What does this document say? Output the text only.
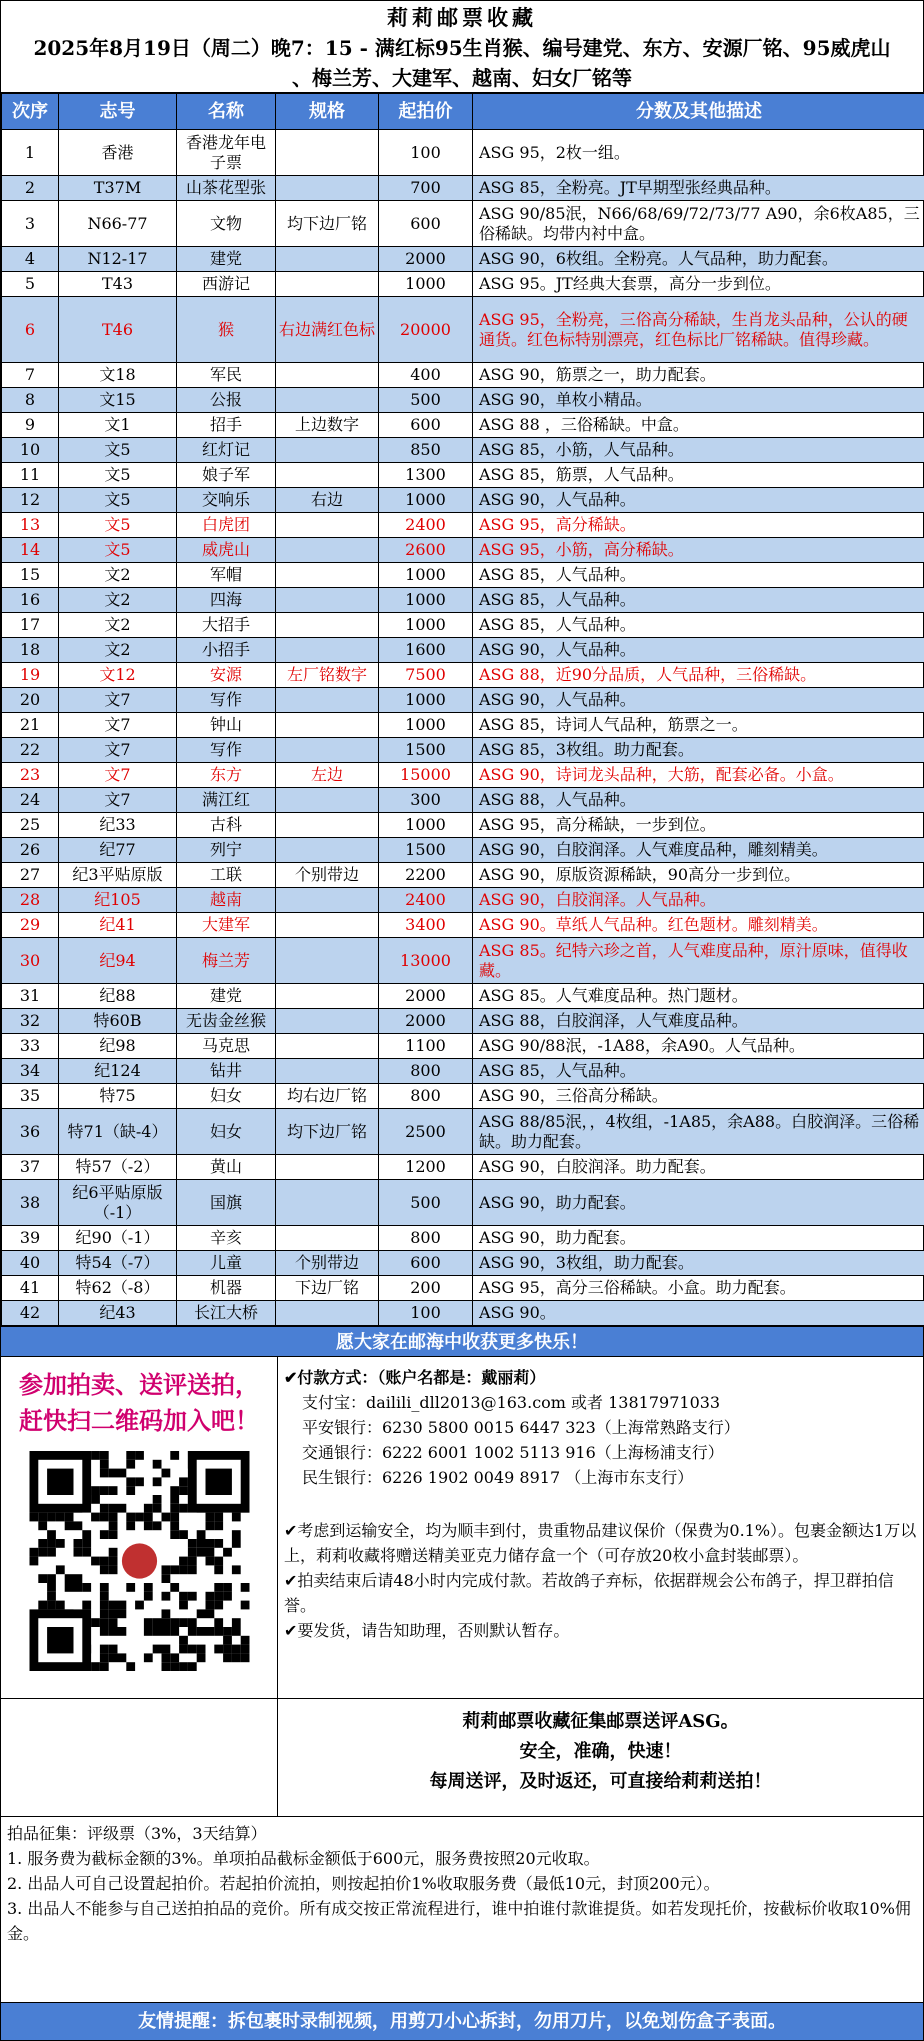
莉莉邮票收藏
2025年8月19日（周二）晚7：15 - 满红标95生肖猴、编号建党、东方、安源厂铭、95威虎山
、梅兰芳、大建军、越南、妇女厂铭等
次序	志号	名称	规格	起拍价	分数及其他描述
1	香港	香港龙年电子票		100	ASG 95，2枚一组。
2	T37M	山茶花型张		700	ASG 85，全粉亮。JT早期型张经典品种。
3	N66-77	文物	均下边厂铭	600	ASG 90/85泯，N66/68/69/72/73/77 A90，余6枚A85，三俗稀缺。均带内衬中盒。
4	N12-17	建党		2000	ASG 90，6枚组。全粉亮。人气品种，助力配套。
5	T43	西游记		1000	ASG 95。JT经典大套票，高分一步到位。
6	T46	猴	右边满红色标	20000	ASG 95，全粉亮，三俗高分稀缺，生肖龙头品种，公认的硬通货。红色标特别漂亮，红色标比厂铭稀缺。值得珍藏。
7	文18	军民		400	ASG 90，筋票之一，助力配套。
8	文15	公报		500	ASG 90，单枚小精品。
9	文1	招手	上边数字	600	ASG 88 ，三俗稀缺。中盒。
10	文5	红灯记		850	ASG 85，小筋，人气品种。
11	文5	娘子军		1300	ASG 85，筋票，人气品种。
12	文5	交响乐	右边	1000	ASG 90，人气品种。
13	文5	白虎团		2400	ASG 95，高分稀缺。
14	文5	威虎山		2600	ASG 95，小筋，高分稀缺。
15	文2	军帽		1000	ASG 85，人气品种。
16	文2	四海		1000	ASG 85，人气品种。
17	文2	大招手		1000	ASG 85，人气品种。
18	文2	小招手		1600	ASG 90，人气品种。
19	文12	安源	左厂铭数字	7500	ASG 88，近90分品质，人气品种，三俗稀缺。
20	文7	写作		1000	ASG 90，人气品种。
21	文7	钟山		1000	ASG 85，诗词人气品种，筋票之一。
22	文7	写作		1500	ASG 85，3枚组。助力配套。
23	文7	东方	左边	15000	ASG 90，诗词龙头品种，大筋，配套必备。小盒。
24	文7	满江红		300	ASG 88，人气品种。
25	纪33	古科		1000	ASG 95，高分稀缺，一步到位。
26	纪77	列宁		1500	ASG 90，白胶润泽。人气难度品种，雕刻精美。
27	纪3平贴原版	工联	个别带边	2200	ASG 90，原版资源稀缺，90高分一步到位。
28	纪105	越南		2400	ASG 90，白胶润泽。人气品种。
29	纪41	大建军		3400	ASG 90。草纸人气品种。红色题材。雕刻精美。
30	纪94	梅兰芳		13000	ASG 85。纪特六珍之首，人气难度品种，原汁原味，值得收藏。
31	纪88	建党		2000	ASG 85。人气难度品种。热门题材。
32	特60B	无齿金丝猴		2000	ASG 88，白胶润泽，人气难度品种。
33	纪98	马克思		1100	ASG 90/88泯，-1A88，余A90。人气品种。
34	纪124	钻井		800	ASG 85，人气品种。
35	特75	妇女	均右边厂铭	800	ASG 90，三俗高分稀缺。
36	特71（缺-4）	妇女	均下边厂铭	2500	ASG 88/85泯，，4枚组，-1A85，余A88。白胶润泽。三俗稀缺。助力配套。
37	特57（-2）	黄山		1200	ASG 90，白胶润泽。助力配套。
38	纪6平贴原版（-1）	国旗		500	ASG 90，助力配套。
39	纪90（-1）	辛亥		800	ASG 90，助力配套。
40	特54（-7）	儿童	个别带边	600	ASG 90，3枚组，助力配套。
41	特62（-8）	机器	下边厂铭	200	ASG 95，高分三俗稀缺。小盒。助力配套。
42	纪43	长江大桥		100	ASG 90。
愿大家在邮海中收获更多快乐！
参加拍卖、送评送拍，
赶快扫二维码加入吧！
✔付款方式：（账户名都是：戴丽莉）
支付宝：dailili_dll2013@163.com 或者 13817971033
平安银行：6230 5800 0015 6447 323（上海常熟路支行）
交通银行：6222 6001 1002 5113 916（上海杨浦支行）
民生银行：6226 1902 0049 8917 （上海市东支行）
✔考虑到运输安全，均为顺丰到付，贵重物品建议保价（保费为0.1%）。包裹金额达1万以上，莉莉收藏将赠送精美亚克力储存盒一个（可存放20枚小盒封装邮票）。
✔拍卖结束后请48小时内完成付款。若故鸽子弃标，依据群规会公布鸽子，捍卫群拍信誉。
✔要发货，请告知助理，否则默认暂存。
莉莉邮票收藏征集邮票送评ASG。
安全，准确，快速！
每周送评，及时返还，可直接给莉莉送拍！
拍品征集：评级票（3%，3天结算）
1. 服务费为截标金额的3%。单项拍品截标金额低于600元，服务费按照20元收取。
2. 出品人可自己设置起拍价。若起拍价流拍，则按起拍价1%收取服务费（最低10元，封顶200元）。
3. 出品人不能参与自己送拍拍品的竞价。所有成交按正常流程进行，谁中拍谁付款谁提货。如若发现托价，按截标价收取10%佣金。
友情提醒：拆包裹时录制视频，用剪刀小心拆封，勿用刀片，以免划伤盒子表面。
